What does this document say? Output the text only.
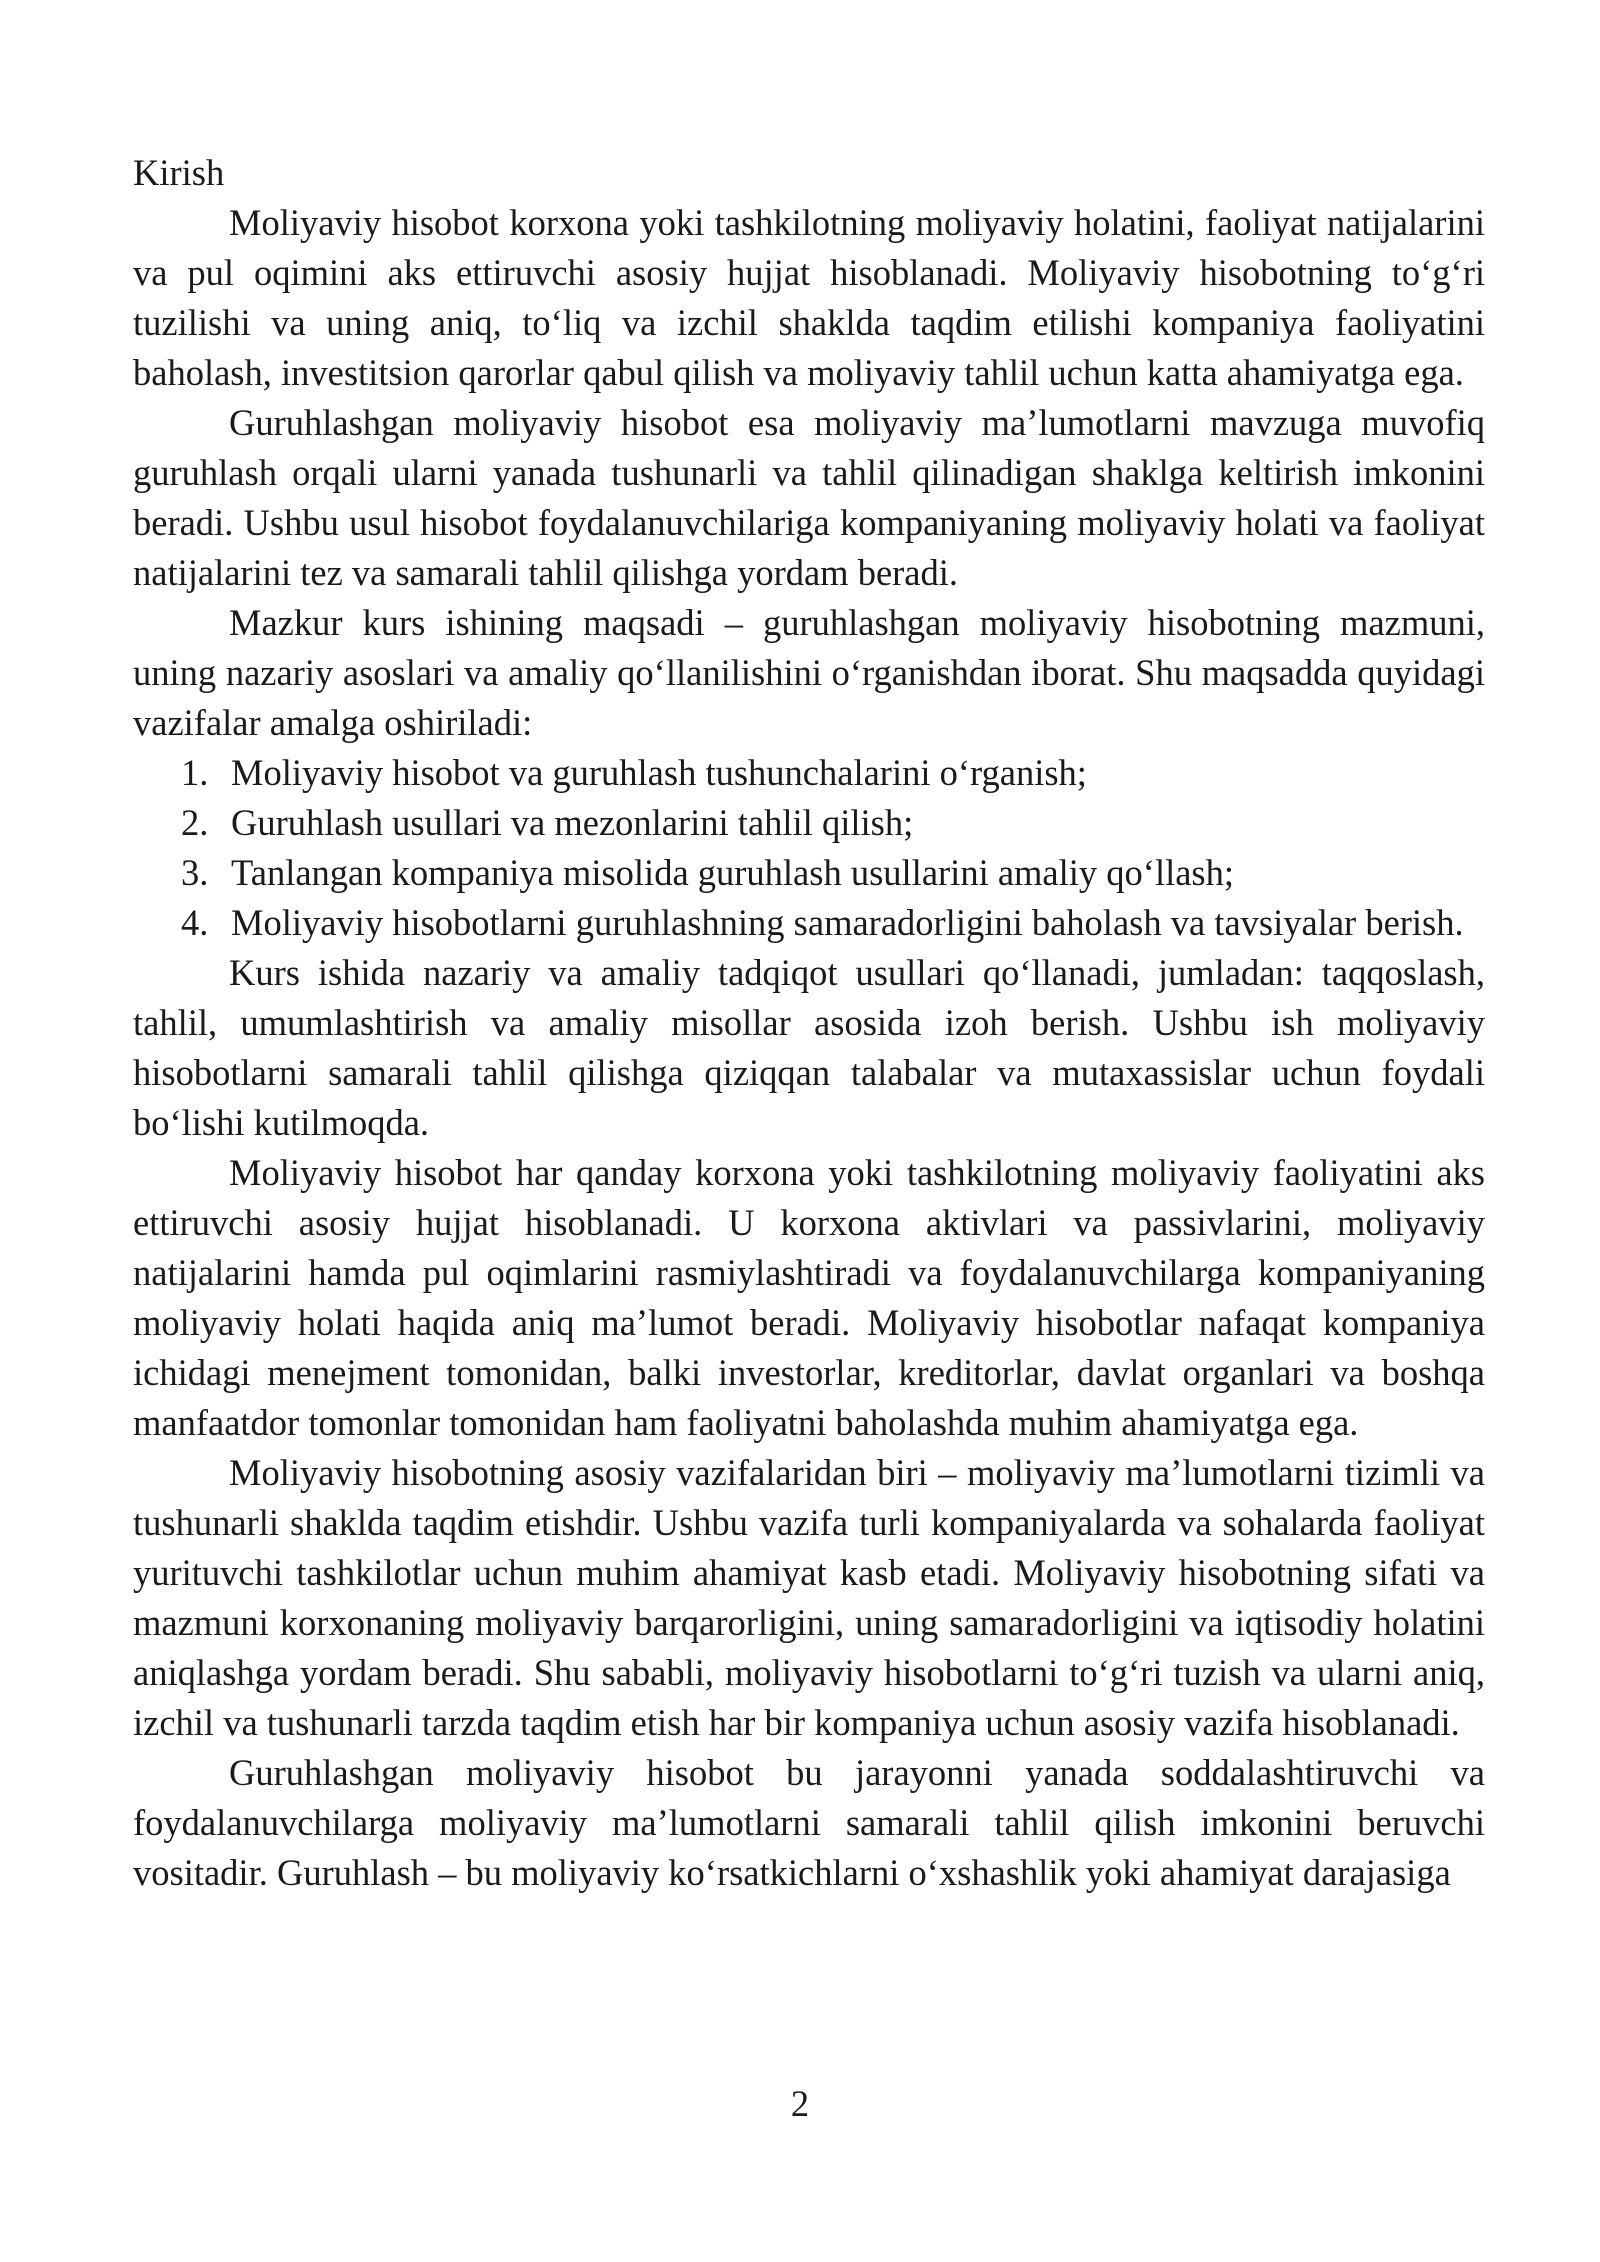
Kirish

Moliyaviy hisobot korxona yoki tashkilotning moliyaviy holatini, faoliyat natijalarini va pul oqimini aks ettiruvchi asosiy hujjat hisoblanadi. Moliyaviy hisobotning to‘g‘ri tuzilishi va uning aniq, to‘liq va izchil shaklda taqdim etilishi kompaniya faoliyatini baholash, investitsion qarorlar qabul qilish va moliyaviy tahlil uchun katta ahamiyatga ega.

Guruhlashgan moliyaviy hisobot esa moliyaviy ma’lumotlarni mavzuga muvofiq guruhlash orqali ularni yanada tushunarli va tahlil qilinadigan shaklga keltirish imkonini beradi. Ushbu usul hisobot foydalanuvchilariga kompaniyaning moliyaviy holati va faoliyat natijalarini tez va samarali tahlil qilishga yordam beradi.

Mazkur kurs ishining maqsadi – guruhlashgan moliyaviy hisobotning mazmuni, uning nazariy asoslari va amaliy qo‘llanilishini o‘rganishdan iborat. Shu maqsadda quyidagi vazifalar amalga oshiriladi:

1. Moliyaviy hisobot va guruhlash tushunchalarini o‘rganish;
2. Guruhlash usullari va mezonlarini tahlil qilish;
3. Tanlangan kompaniya misolida guruhlash usullarini amaliy qo‘llash;
4. Moliyaviy hisobotlarni guruhlashning samaradorligini baholash va tavsiyalar berish.

Kurs ishida nazariy va amaliy tadqiqot usullari qo‘llanadi, jumladan: taqqoslash, tahlil, umumlashtirish va amaliy misollar asosida izoh berish. Ushbu ish moliyaviy hisobotlarni samarali tahlil qilishga qiziqqan talabalar va mutaxassislar uchun foydali bo‘lishi kutilmoqda.

Moliyaviy hisobot har qanday korxona yoki tashkilotning moliyaviy faoliyatini aks ettiruvchi asosiy hujjat hisoblanadi. U korxona aktivlari va passivlarini, moliyaviy natijalarini hamda pul oqimlarini rasmiylashtiradi va foydalanuvchilarga kompaniyaning moliyaviy holati haqida aniq ma’lumot beradi. Moliyaviy hisobotlar nafaqat kompaniya ichidagi menejment tomonidan, balki investorlar, kreditorlar, davlat organlari va boshqa manfaatdor tomonlar tomonidan ham faoliyatni baholashda muhim ahamiyatga ega.

Moliyaviy hisobotning asosiy vazifalaridan biri – moliyaviy ma’lumotlarni tizimli va tushunarli shaklda taqdim etishdir. Ushbu vazifa turli kompaniyalarda va sohalarda faoliyat yurituvchi tashkilotlar uchun muhim ahamiyat kasb etadi. Moliyaviy hisobotning sifati va mazmuni korxonaning moliyaviy barqarorligini, uning samaradorligini va iqtisodiy holatini aniqlashga yordam beradi. Shu sababli, moliyaviy hisobotlarni to‘g‘ri tuzish va ularni aniq, izchil va tushunarli tarzda taqdim etish har bir kompaniya uchun asosiy vazifa hisoblanadi.

Guruhlashgan moliyaviy hisobot bu jarayonni yanada soddalashtiruvchi va foydalanuvchilarga moliyaviy ma’lumotlarni samarali tahlil qilish imkonini beruvchi vositadir. Guruhlash – bu moliyaviy ko‘rsatkichlarni o‘xshashlik yoki ahamiyat darajasiga

2
